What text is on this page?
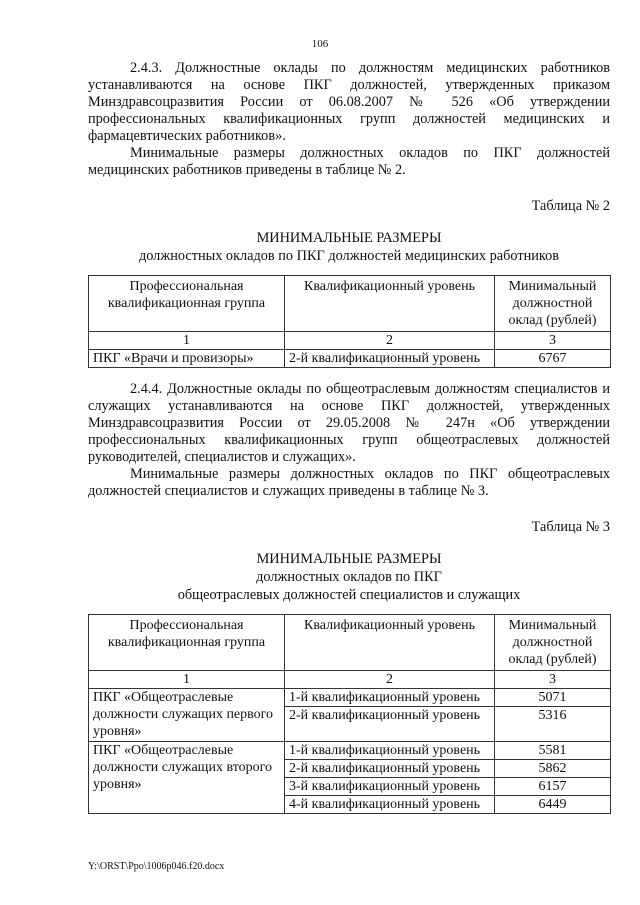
106

2.4.3. Должностные оклады по должностям медицинских работников устанавливаются на основе ПКГ должностей, утвержденных приказом Минздравсоцразвития России от 06.08.2007 № 526 «Об утверждении профессиональных квалификационных групп должностей медицинских и фармацевтических работников».

Минимальные размеры должностных окладов по ПКГ должностей медицинских работников приведены в таблице № 2.

Таблица № 2
МИНИМАЛЬНЫЕ РАЗМЕРЫ
должностных окладов по ПКГ должностей медицинских работников
Профессиональная квалификационная группа	Квалификационный уровень	Минимальный должностной оклад (рублей)
1	2	3
ПКГ «Врачи и провизоры»	2-й квалификационный уровень	6767

2.4.4. Должностные оклады по общеотраслевым должностям специалистов и служащих устанавливаются на основе ПКГ должностей, утвержденных Минздравсоцразвития России от 29.05.2008 № 247н «Об утверждении профессиональных квалификационных групп общеотраслевых должностей руководителей, специалистов и служащих».

Минимальные размеры должностных окладов по ПКГ общеотраслевых должностей специалистов и служащих приведены в таблице № 3.

Таблица № 3
МИНИМАЛЬНЫЕ РАЗМЕРЫ
должностных окладов по ПКГ
общеотраслевых должностей специалистов и служащих
Профессиональная квалификационная группа	Квалификационный уровень	Минимальный должностной оклад (рублей)
1	2	3
ПКГ «Общеотраслевые должности служащих первого уровня»	1-й квалификационный уровень	5071
	2-й квалификационный уровень	5316
ПКГ «Общеотраслевые должности служащих второго уровня»	1-й квалификационный уровень	5581
	2-й квалификационный уровень	5862
	3-й квалификационный уровень	6157
	4-й квалификационный уровень	6449
Y:\ORST\Ppo\1006p046.f20.docx
